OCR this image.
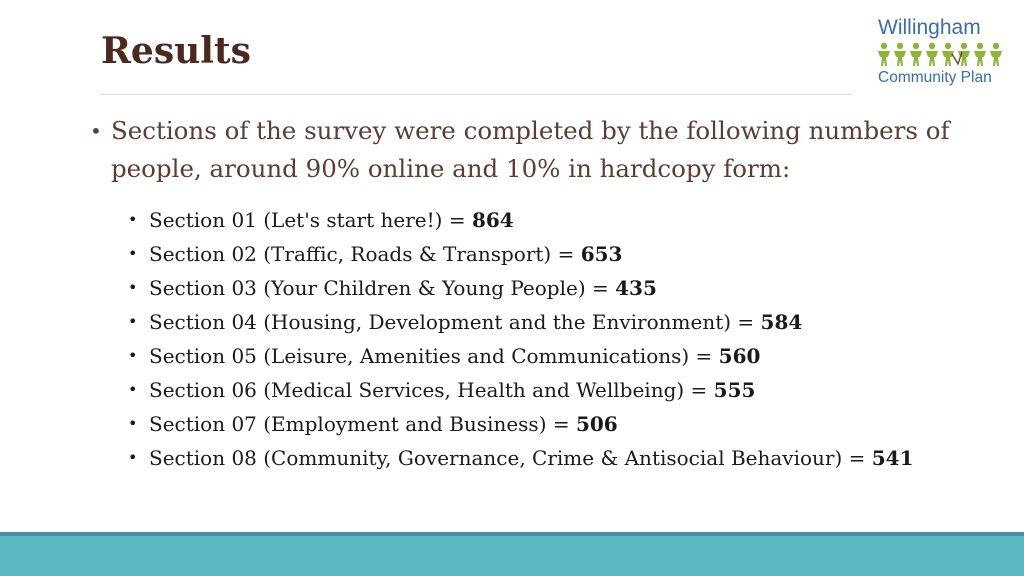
Results
Willingham
Community Plan
• Sections of the survey were completed by the following numbers of people, around 90% online and 10% in hardcopy form:
• Section 01 (Let's start here!) = 864
• Section 02 (Traffic, Roads & Transport) = 653
• Section 03 (Your Children & Young People) = 435
• Section 04 (Housing, Development and the Environment) = 584
• Section 05 (Leisure, Amenities and Communications) = 560
• Section 06 (Medical Services, Health and Wellbeing) = 555
• Section 07 (Employment and Business) = 506
• Section 08 (Community, Governance, Crime & Antisocial Behaviour) = 541
